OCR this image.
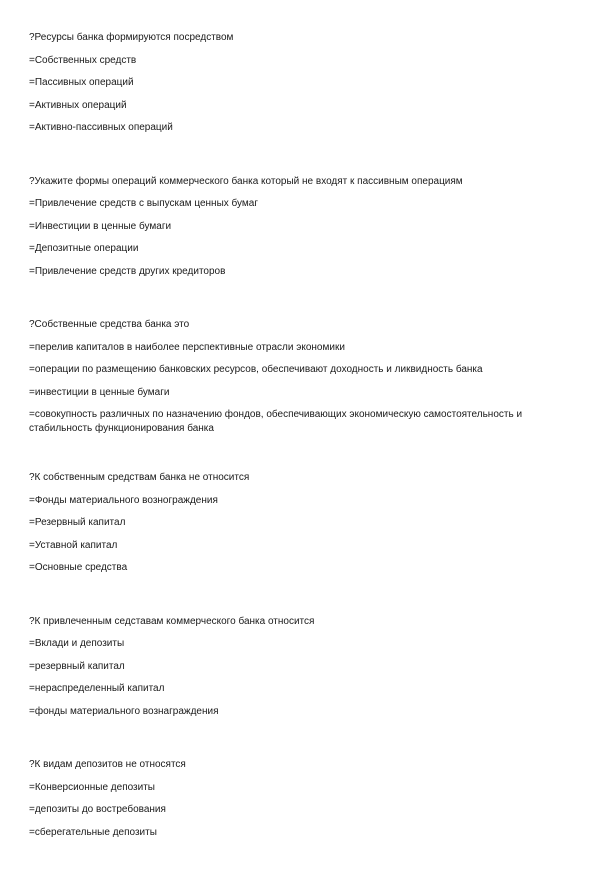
?Ресурсы банка формируются посредством
=Собственных средств
=Пассивных операций
=Активных операций
=Активно-пассивных операций
?Укажите формы операций коммерческого банка который не входят к пассивным операциям
=Привлечение средств с выпускам ценных бумаг
=Инвестиции в ценные бумаги
=Депозитные операции
=Привлечение средств других кредиторов
?Собственные средства банка это
=перелив капиталов в наиболее перспективные отрасли экономики
=операции по размещению банковских ресурсов, обеспечивают доходность и ликвидность банка
=инвестиции в ценные бумаги
=совокупность различных по назначению фондов, обеспечивающих экономическую самостоятельность и стабильность функционирования банка
?К собственным средствам банка не относится
=Фонды материального вознограждения
=Резервный капитал
=Уставной капитал
=Основные средства
?К привлеченным седставам коммерческого банка относится
=Вклади и депозиты
=резервный капитал
=нераспределенный капитал
=фонды материального вознаграждения
?К видам депозитов не относятся
=Конверсионные депозиты
=депозиты до востребования
=сберегательные депозиты
